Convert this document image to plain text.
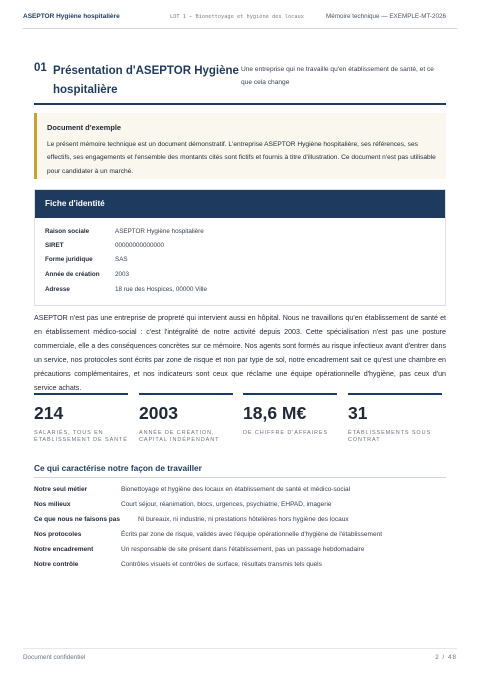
ASEPTOR Hygiène hospitalière	LOT 1 — Bionettoyage et hygiène des locaux	Mémoire technique — EXEMPLE-MT-2026
01 Présentation d'ASEPTOR Hygiène hospitalière
Une entreprise qui ne travaille qu'en établissement de santé, et ce que cela change
Document d'exemple
Le présent mémoire technique est un document démonstratif. L'entreprise ASEPTOR Hygiène hospitalière, ses références, ses effectifs, ses engagements et l'ensemble des montants cités sont fictifs et fournis à titre d'illustration. Ce document n'est pas utilisable pour candidater à un marché.
Fiche d'identité
Raison sociale	ASEPTOR Hygiène hospitalière
SIRET	00000000000000
Forme juridique	SAS
Année de création 2003
Adresse	18 rue des Hospices, 00000 Ville

ASEPTOR n'est pas une entreprise de propreté qui intervient aussi en hôpital. Nous ne travaillons qu'en établissement de santé et en établissement médico-social : c'est l'intégralité de notre activité depuis 2003. Cette spécialisation n'est pas une posture commerciale, elle a des conséquences concrètes sur ce mémoire. Nos agents sont formés au risque infectieux avant d'entrer dans un service, nos protocoles sont écrits par zone de risque et non par type de sol, notre encadrement sait ce qu'est une chambre en précautions complémentaires, et nos indicateurs sont ceux que réclame une équipe opérationnelle d'hygiène, pas ceux d'un service achats.

214
SALARIÉS, TOUS EN ÉTABLISSEMENT DE SANTÉ
2003
ANNÉE DE CRÉATION, CAPITAL INDÉPENDANT
18,6 M€
DE CHIFFRE D'AFFAIRES
31
ÉTABLISSEMENTS SOUS CONTRAT
Ce qui caractérise notre façon de travailler
Notre seul métier	Bionettoyage et hygiène des locaux en établissement de santé et médico-social
Nos milieux	Court séjour, réanimation, blocs, urgences, psychiatrie, EHPAD, imagerie
Ce que nous ne faisons pas	Ni bureaux, ni industrie, ni prestations hôtelières hors hygiène des locaux
Nos protocoles	Écrits par zone de risque, validés avec l'équipe opérationnelle d'hygiène de l'établissement
Notre encadrement	Un responsable de site présent dans l'établissement, pas un passage hebdomadaire
Notre contrôle	Contrôles visuels et contrôles de surface, résultats transmis tels quels
Document confidentiel	2 / 48
